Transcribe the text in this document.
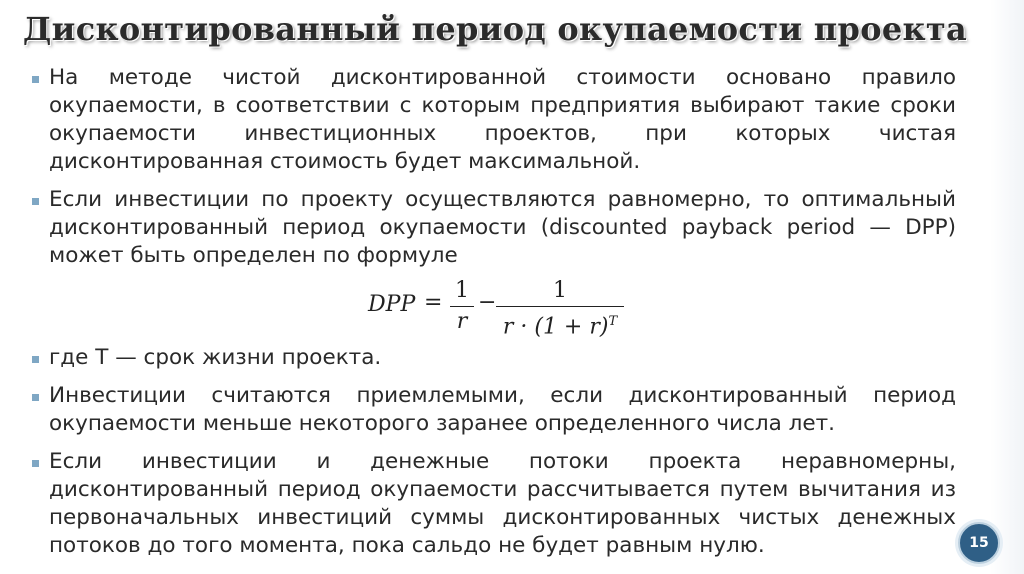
Дисконтированный период окупаемости проекта
На методе чистой дисконтированной стоимости основано правило окупаемости, в соответствии с которым предприятия выбирают такие сроки окупаемости инвестиционных проектов, при которых чистая дисконтированная стоимость будет максимальной.
Если инвестиции по проекту осуществляются равномерно, то оптимальный дисконтированный период окупаемости (discounted payback period — DPP) может быть определен по формуле
DPP = 1
r
−	1
$r \cdot (1 + r)^T$
где T — срок жизни проекта.
Инвестиции считаются приемлемыми, если дисконтированный период окупаемости меньше некоторого заранее определенного числа лет.
Если инвестиции и денежные потоки проекта неравномерны, дисконтированный период окупаемости рассчитывается путем вычитания из первоначальных инвестиций суммы дисконтированных чистых денежных потоков до того момента, пока сальдо не будет равным нулю.	15
